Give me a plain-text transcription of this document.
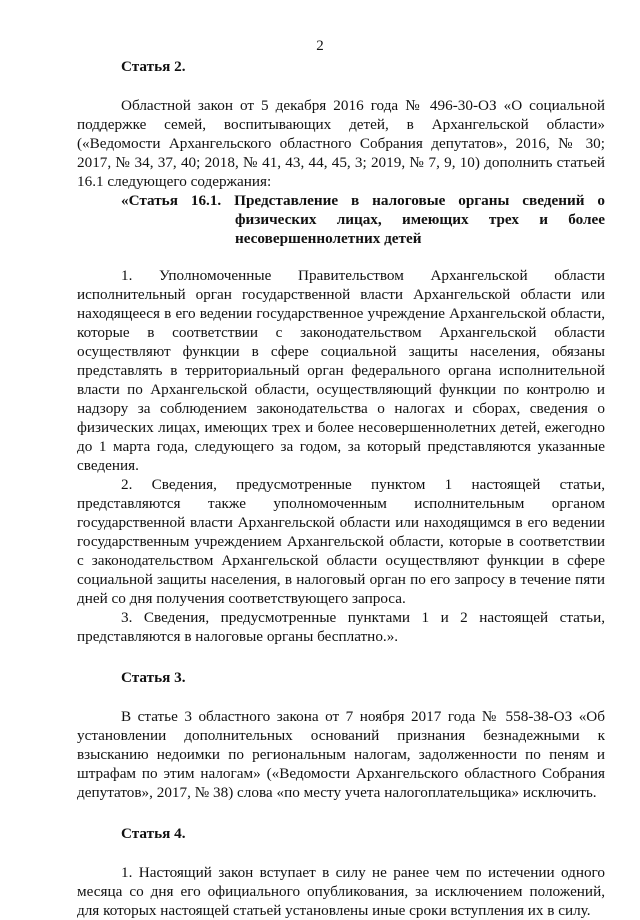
2

Статья 2.

Областной закон от 5 декабря 2016 года № 496-30-ОЗ «О социальной поддержке семей, воспитывающих детей, в Архангельской области» («Ведомости Архангельского областного Собрания депутатов», 2016, № 30; 2017, № 34, 37, 40; 2018, № 41, 43, 44, 45, 3; 2019, № 7, 9, 10) дополнить статьей 16.1 следующего содержания:

«Статья 16.1. Представление в налоговые органы сведений о физических лицах, имеющих трех и более несовершеннолетних детей

1. Уполномоченные Правительством Архангельской области исполнительный орган государственной власти Архангельской области или находящееся в его ведении государственное учреждение Архангельской области, которые в соответствии с законодательством Архангельской области осуществляют функции в сфере социальной защиты населения, обязаны представлять в территориальный орган федерального органа исполнительной власти по Архангельской области, осуществляющий функции по контролю и надзору за соблюдением законодательства о налогах и сборах, сведения о физических лицах, имеющих трех и более несовершеннолетних детей, ежегодно до 1 марта года, следующего за годом, за который представляются указанные сведения.

2. Сведения, предусмотренные пунктом 1 настоящей статьи, представляются также уполномоченным исполнительным органом государственной власти Архангельской области или находящимся в его ведении государственным учреждением Архангельской области, которые в соответствии с законодательством Архангельской области осуществляют функции в сфере социальной защиты населения, в налоговый орган по его запросу в течение пяти дней со дня получения соответствующего запроса.

3. Сведения, предусмотренные пунктами 1 и 2 настоящей статьи, представляются в налоговые органы бесплатно.».

Статья 3.

В статье 3 областного закона от 7 ноября 2017 года № 558-38-ОЗ «Об установлении дополнительных оснований признания безнадежными к взысканию недоимки по региональным налогам, задолженности по пеням и штрафам по этим налогам» («Ведомости Архангельского областного Собрания депутатов», 2017, № 38) слова «по месту учета налогоплательщика» исключить.

Статья 4.

1. Настоящий закон вступает в силу не ранее чем по истечении одного месяца со дня его официального опубликования, за исключением положений, для которых настоящей статьей установлены иные сроки вступления их в силу.
